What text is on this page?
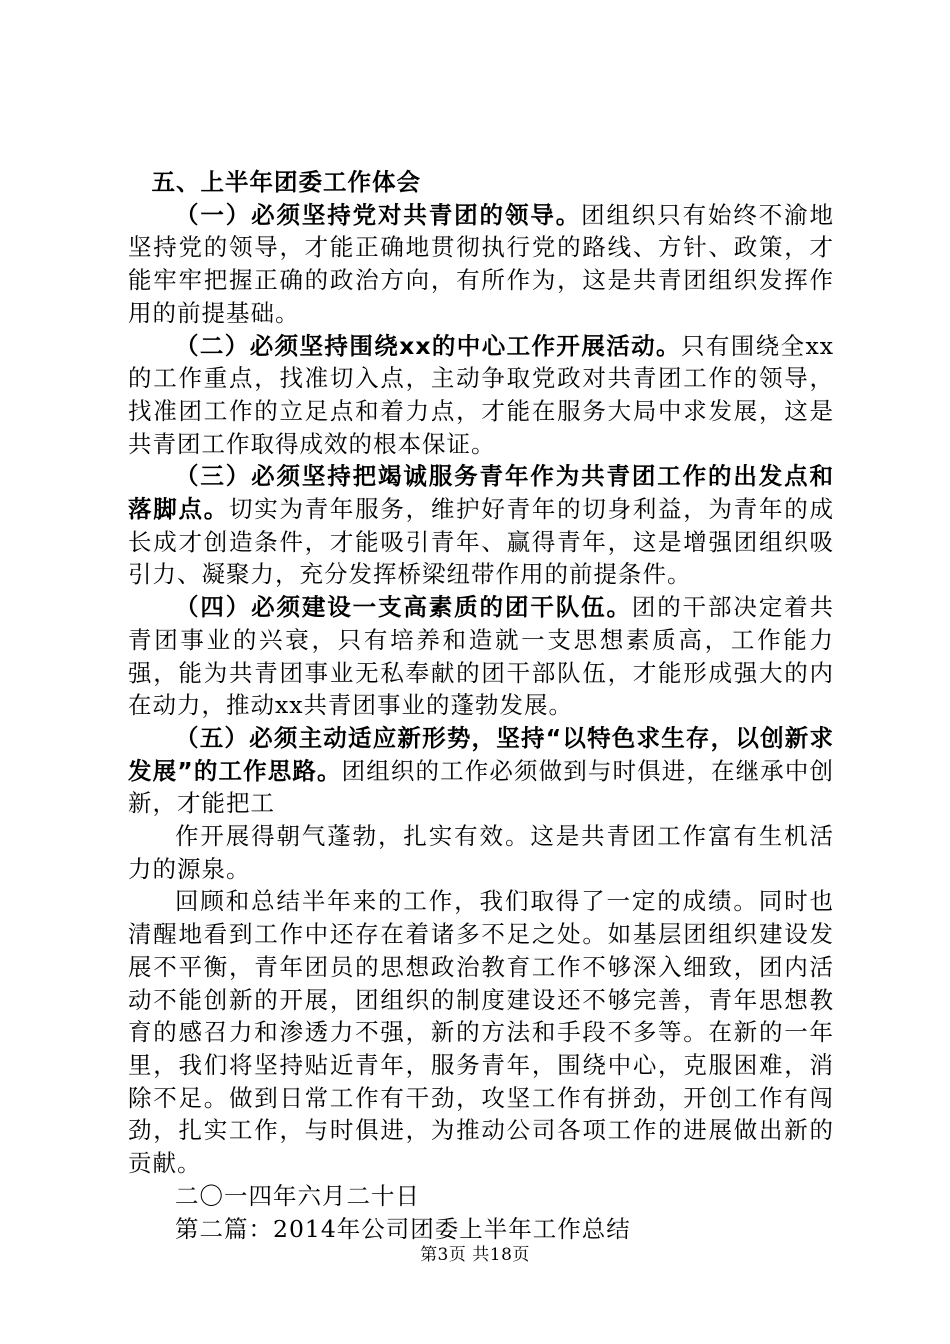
五、上半年团委工作体会

（一）必须坚持党对共青团的领导。团组织只有始终不渝地坚持党的领导，才能正确地贯彻执行党的路线、方针、政策，才能牢牢把握正确的政治方向，有所作为，这是共青团组织发挥作用的前提基础。

（二）必须坚持围绕xx的中心工作开展活动。只有围绕全xx的工作重点，找准切入点，主动争取党政对共青团工作的领导，找准团工作的立足点和着力点，才能在服务大局中求发展，这是共青团工作取得成效的根本保证。

（三）必须坚持把竭诚服务青年作为共青团工作的出发点和落脚点。切实为青年服务，维护好青年的切身利益，为青年的成长成才创造条件，才能吸引青年、赢得青年，这是增强团组织吸引力、凝聚力，充分发挥桥梁纽带作用的前提条件。

（四）必须建设一支高素质的团干队伍。团的干部决定着共青团事业的兴衰，只有培养和造就一支思想素质高，工作能力强，能为共青团事业无私奉献的团干部队伍，才能形成强大的内在动力，推动xx共青团事业的蓬勃发展。

（五）必须主动适应新形势，坚持“以特色求生存，以创新求发展”的工作思路。团组织的工作必须做到与时俱进，在继承中创新，才能把工

作开展得朝气蓬勃，扎实有效。这是共青团工作富有生机活力的源泉。

回顾和总结半年来的工作，我们取得了一定的成绩。同时也清醒地看到工作中还存在着诸多不足之处。如基层团组织建设发展不平衡，青年团员的思想政治教育工作不够深入细致，团内活动不能创新的开展，团组织的制度建设还不够完善，青年思想教育的感召力和渗透力不强，新的方法和手段不多等。在新的一年里，我们将坚持贴近青年，服务青年，围绕中心，克服困难，消除不足。做到日常工作有干劲，攻坚工作有拼劲，开创工作有闯劲，扎实工作，与时俱进，为推动公司各项工作的进展做出新的贡献。

二〇一四年六月二十日

第二篇：2014年公司团委上半年工作总结

第3页 共18页
